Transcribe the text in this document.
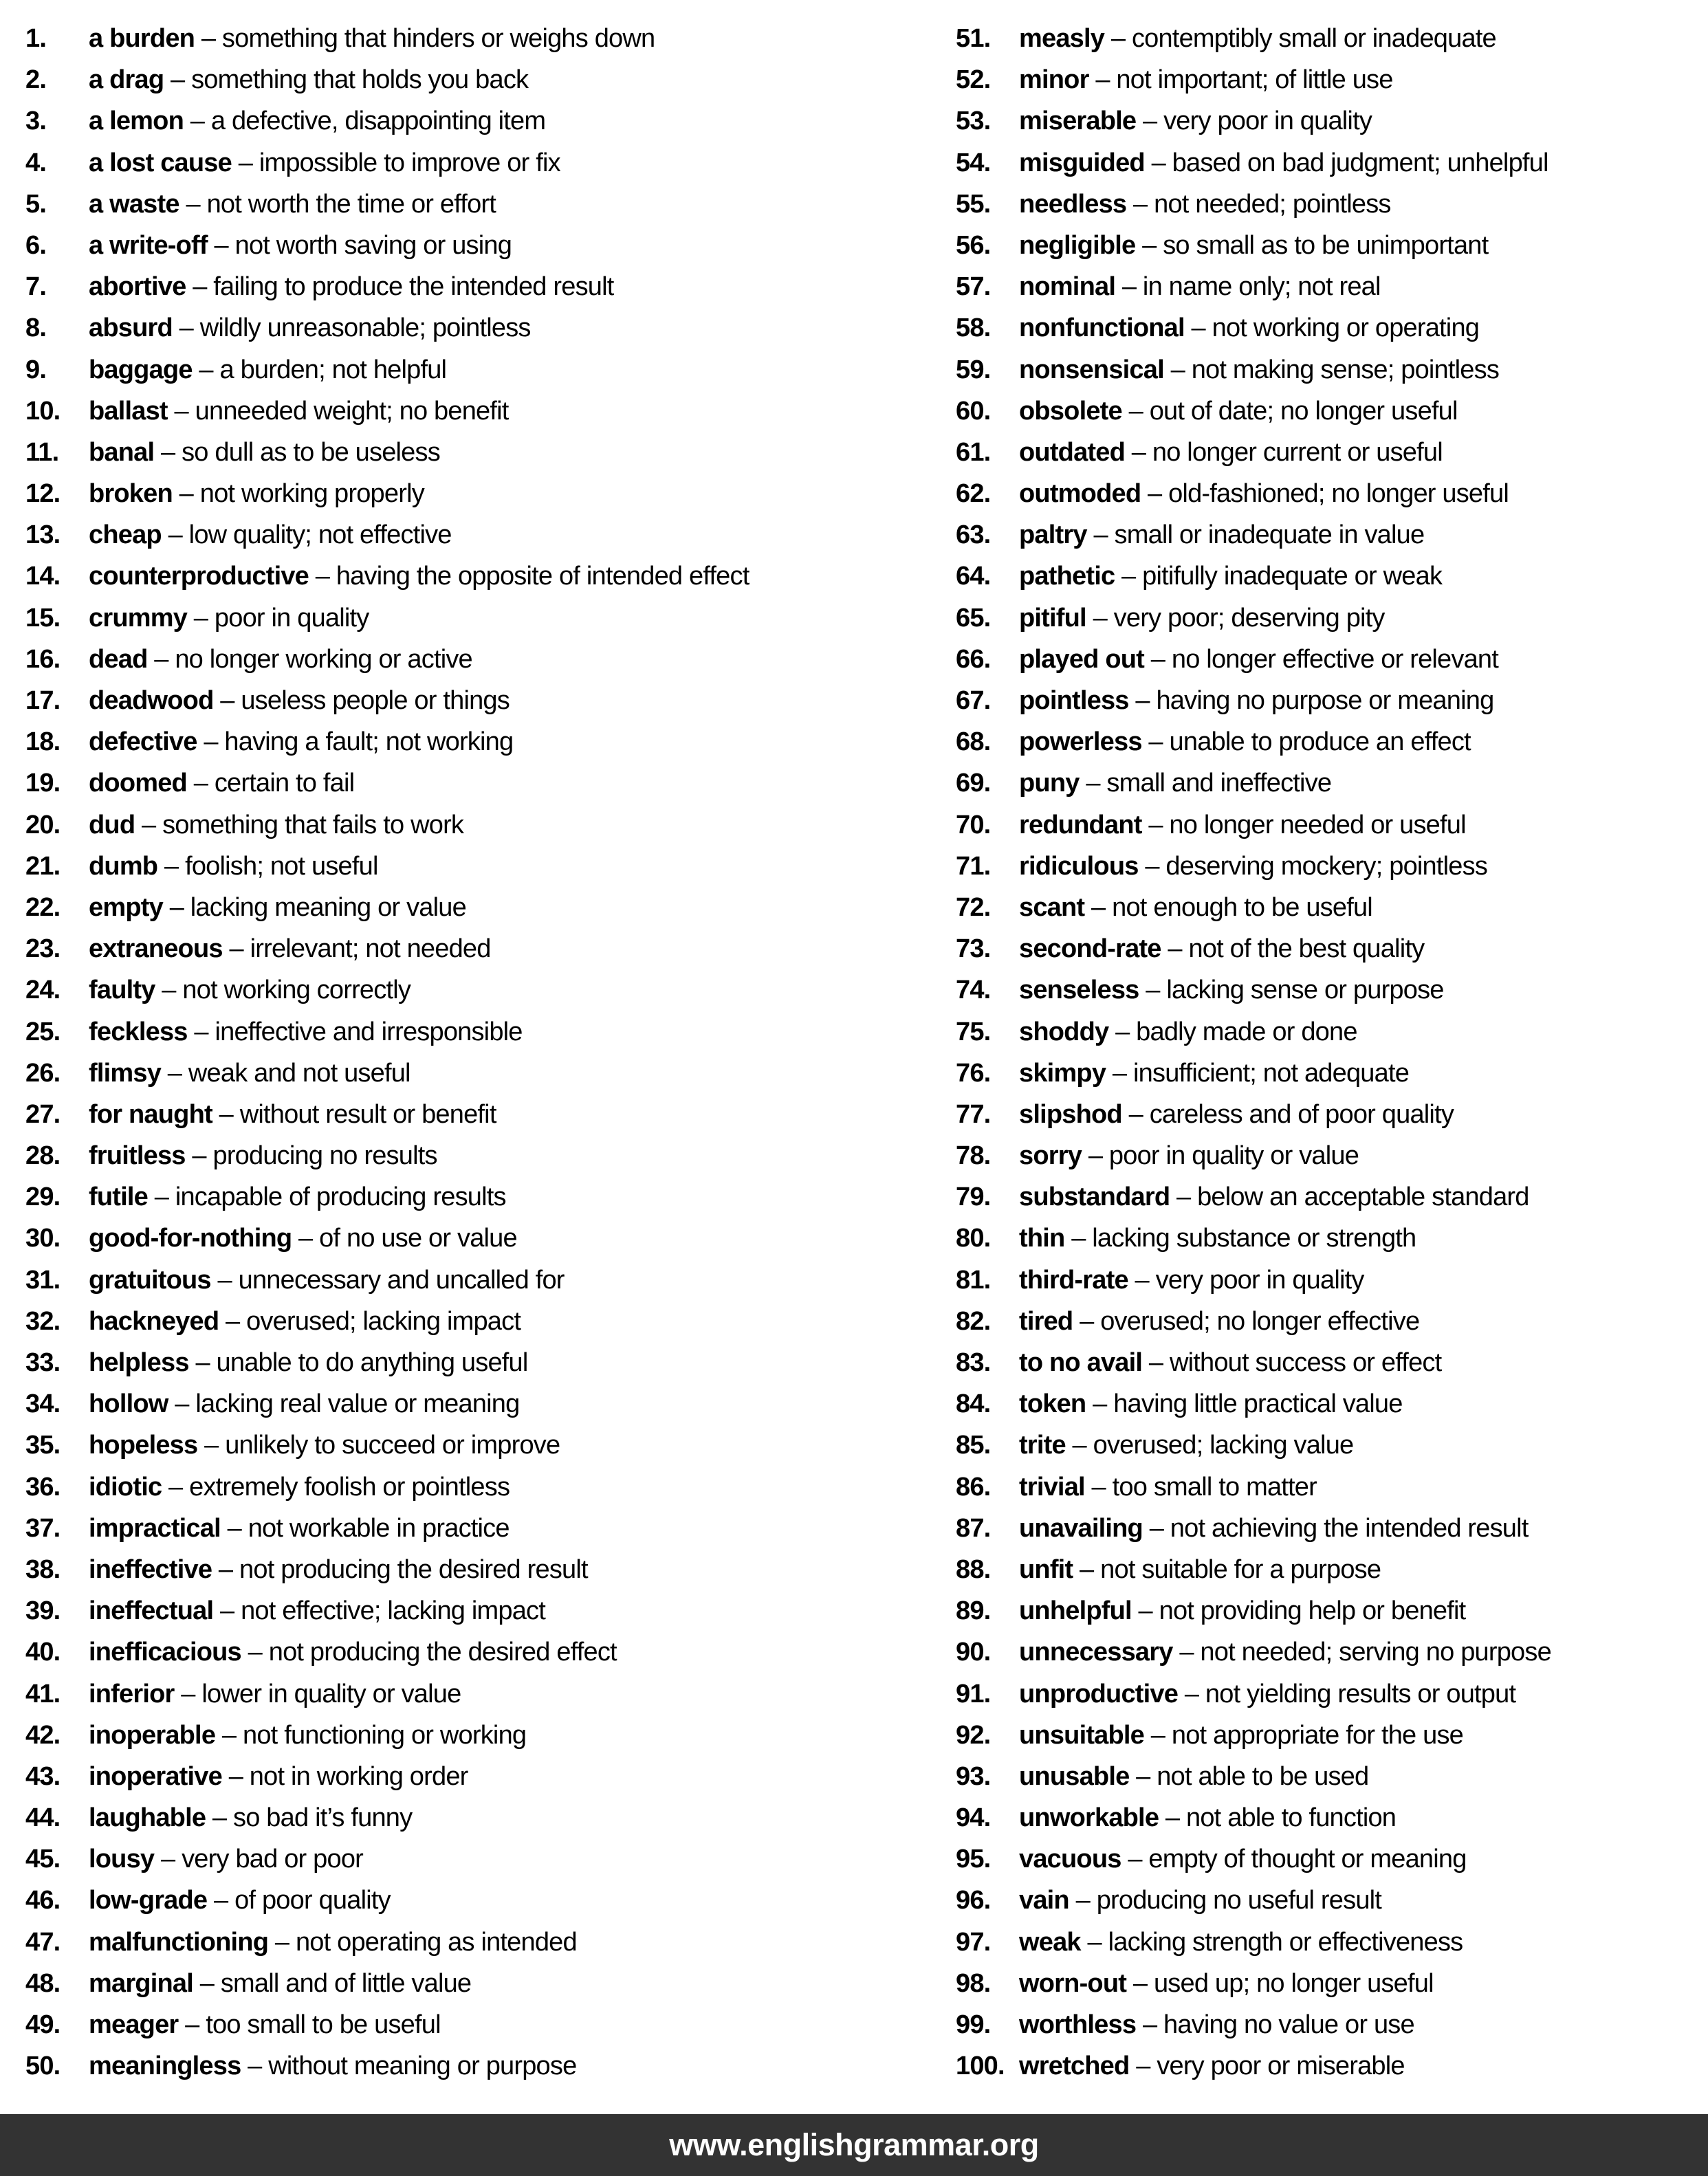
1.	a burden – something that hinders or weighs down
2.	a drag – something that holds you back
3.	a lemon – a defective, disappointing item
4.	a lost cause – impossible to improve or fix
5.	a waste – not worth the time or effort
6.	a write-off – not worth saving or using
7.	abortive – failing to produce the intended result
8.	absurd – wildly unreasonable; pointless
9.	baggage – a burden; not helpful
10.	ballast – unneeded weight; no benefit
11.	banal – so dull as to be useless
12.	broken – not working properly
13.	cheap – low quality; not effective
14.	counterproductive – having the opposite of intended effect
15.	crummy – poor in quality
16.	dead – no longer working or active
17.	deadwood – useless people or things
18.	defective – having a fault; not working
19.	doomed – certain to fail
20.	dud – something that fails to work
21.	dumb – foolish; not useful
22.	empty – lacking meaning or value
23.	extraneous – irrelevant; not needed
24.	faulty – not working correctly
25.	feckless – ineffective and irresponsible
26.	flimsy – weak and not useful
27.	for naught – without result or benefit
28.	fruitless – producing no results
29.	futile – incapable of producing results
30.	good-for-nothing – of no use or value
31.	gratuitous – unnecessary and uncalled for
32.	hackneyed – overused; lacking impact
33.	helpless – unable to do anything useful
34.	hollow – lacking real value or meaning
35.	hopeless – unlikely to succeed or improve
36.	idiotic – extremely foolish or pointless
37.	impractical – not workable in practice
38.	ineffective – not producing the desired result
39.	ineffectual – not effective; lacking impact
40.	inefficacious – not producing the desired effect
41.	inferior – lower in quality or value
42.	inoperable – not functioning or working
43.	inoperative – not in working order
44.	laughable – so bad it’s funny
45.	lousy – very bad or poor
46.	low-grade – of poor quality
47.	malfunctioning – not operating as intended
48.	marginal – small and of little value
49.	meager – too small to be useful
50.	meaningless – without meaning or purpose
51.	measly – contemptibly small or inadequate
52.	minor – not important; of little use
53.	miserable – very poor in quality
54.	misguided – based on bad judgment; unhelpful
55.	needless – not needed; pointless
56.	negligible – so small as to be unimportant
57.	nominal – in name only; not real
58.	nonfunctional – not working or operating
59.	nonsensical – not making sense; pointless
60.	obsolete – out of date; no longer useful
61.	outdated – no longer current or useful
62.	outmoded – old-fashioned; no longer useful
63.	paltry – small or inadequate in value
64.	pathetic – pitifully inadequate or weak
65.	pitiful – very poor; deserving pity
66.	played out – no longer effective or relevant
67.	pointless – having no purpose or meaning
68.	powerless – unable to produce an effect
69.	puny – small and ineffective
70.	redundant – no longer needed or useful
71.	ridiculous – deserving mockery; pointless
72.	scant – not enough to be useful
73.	second-rate – not of the best quality
74.	senseless – lacking sense or purpose
75.	shoddy – badly made or done
76.	skimpy – insufficient; not adequate
77.	slipshod – careless and of poor quality
78.	sorry – poor in quality or value
79.	substandard – below an acceptable standard
80.	thin – lacking substance or strength
81.	third-rate – very poor in quality
82.	tired – overused; no longer effective
83.	to no avail – without success or effect
84.	token – having little practical value
85.	trite – overused; lacking value
86.	trivial – too small to matter
87.	unavailing – not achieving the intended result
88.	unfit – not suitable for a purpose
89.	unhelpful – not providing help or benefit
90.	unnecessary – not needed; serving no purpose
91.	unproductive – not yielding results or output
92.	unsuitable – not appropriate for the use
93.	unusable – not able to be used
94.	unworkable – not able to function
95.	vacuous – empty of thought or meaning
96.	vain – producing no useful result
97.	weak – lacking strength or effectiveness
98.	worn-out – used up; no longer useful
99.	worthless – having no value or use
100. wretched – very poor or miserable
www.englishgrammar.org
